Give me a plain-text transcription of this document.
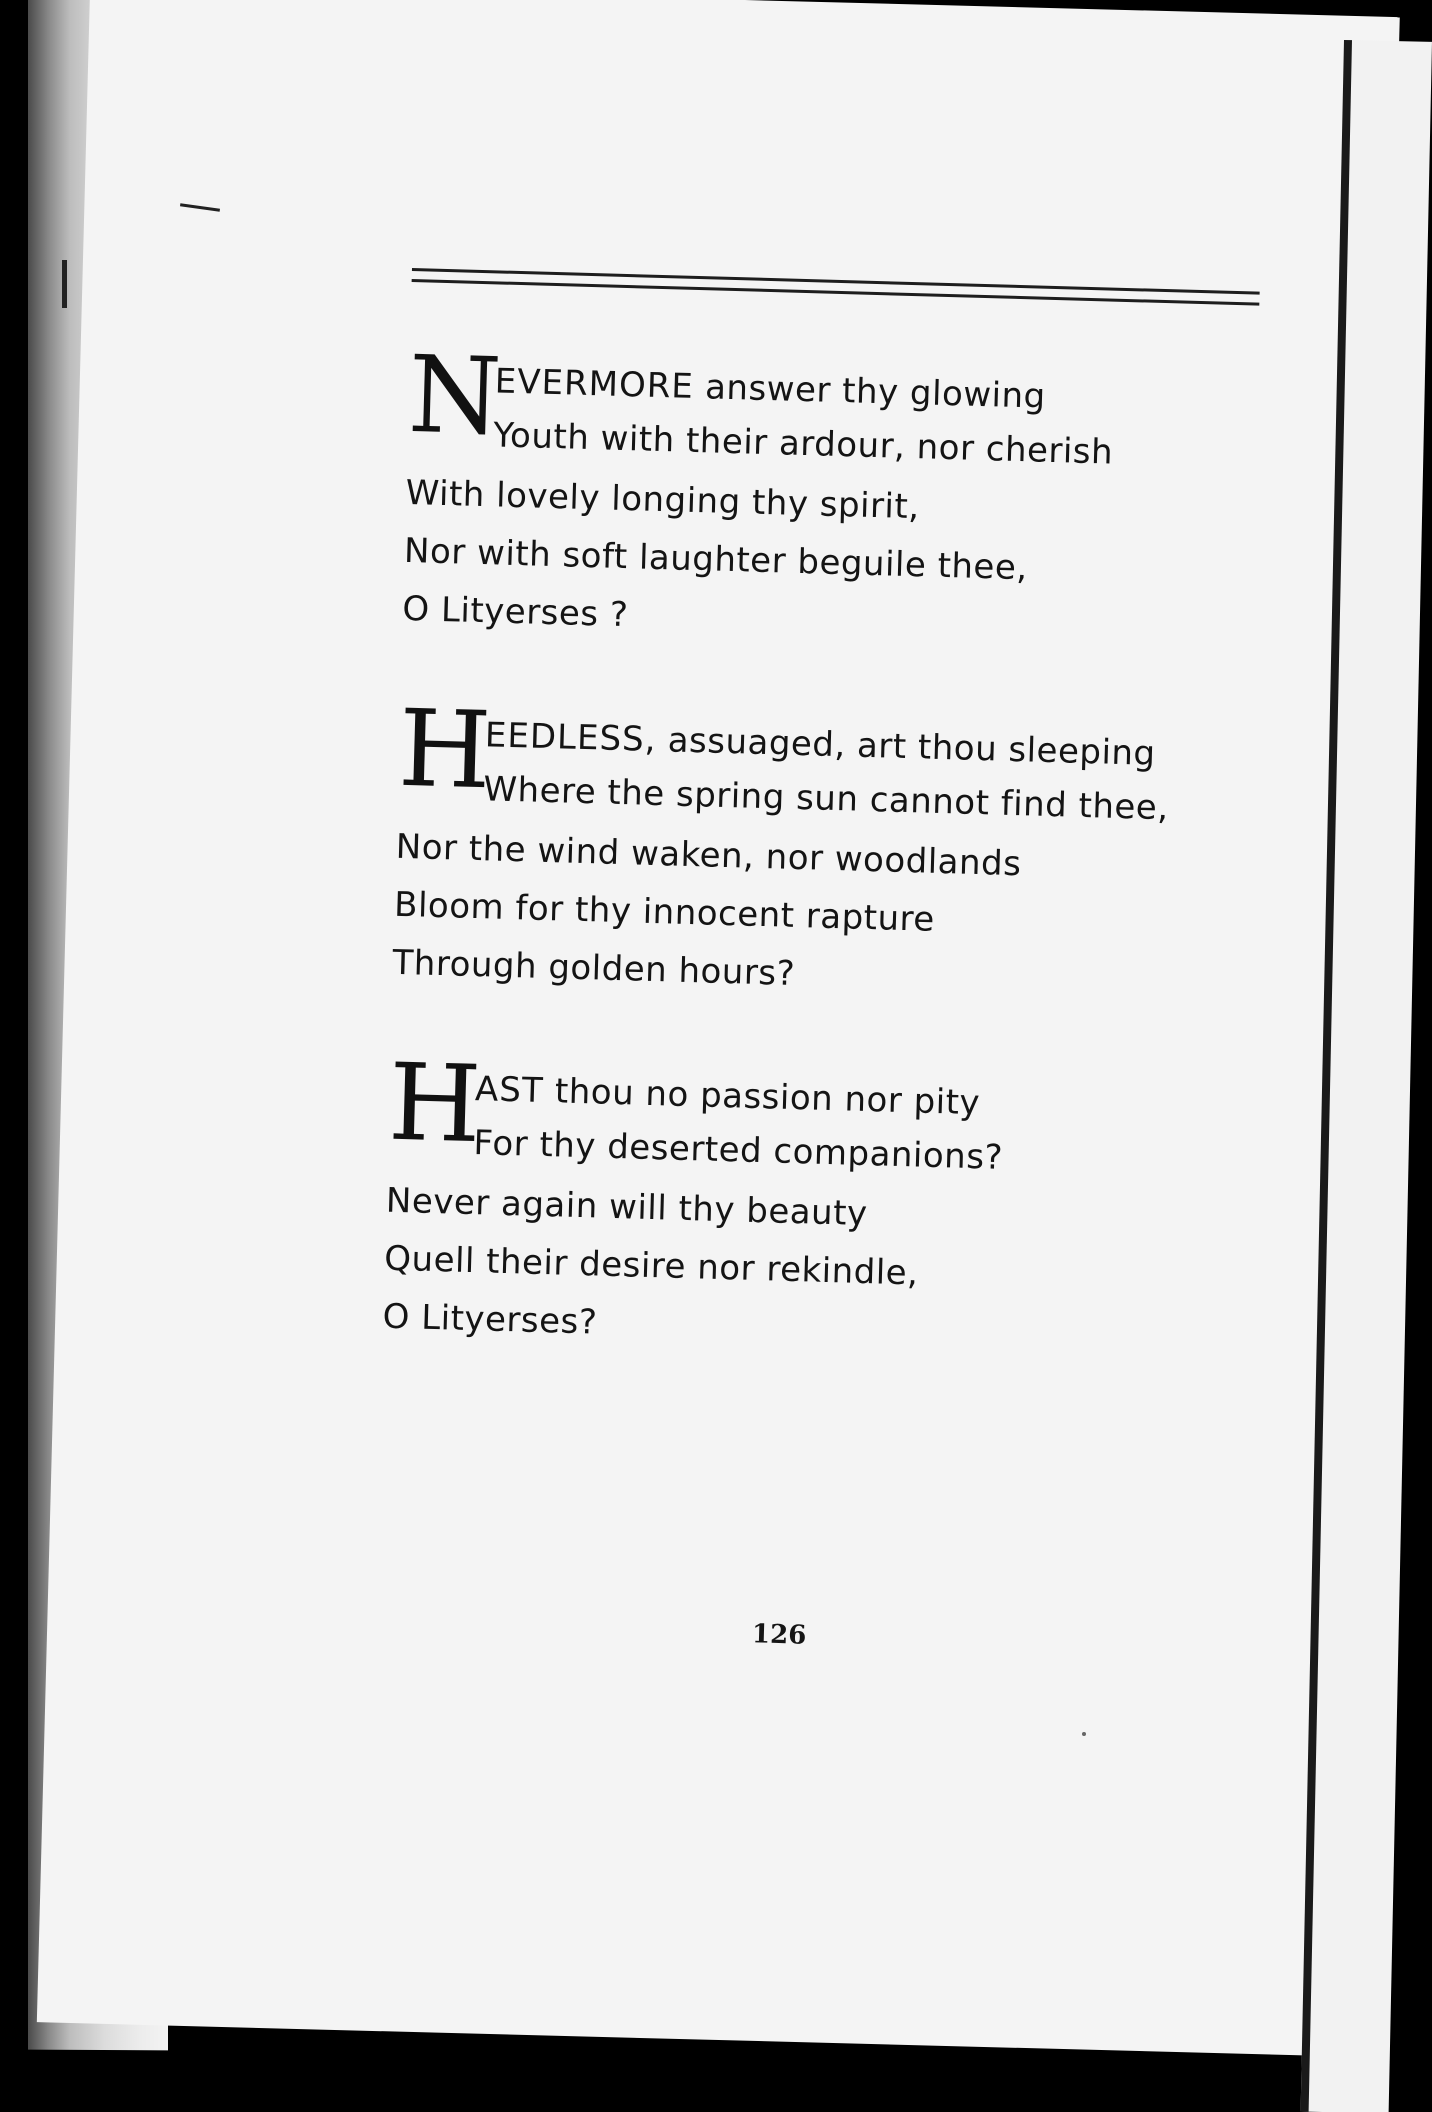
N
EVERMORE answer thy glowing
Youth with their ardour, nor cherish
With lovely longing thy spirit,
Nor with soft laughter beguile thee,
O Lityerses ?
H
EEDLESS, assuaged, art thou sleeping
Where the spring sun cannot find thee,
Nor the wind waken, nor woodlands
Bloom for thy innocent rapture
Through golden hours?
H
AST thou no passion nor pity
For thy deserted companions?
Never again will thy beauty
Quell their desire nor rekindle,
O Lityerses?
126
